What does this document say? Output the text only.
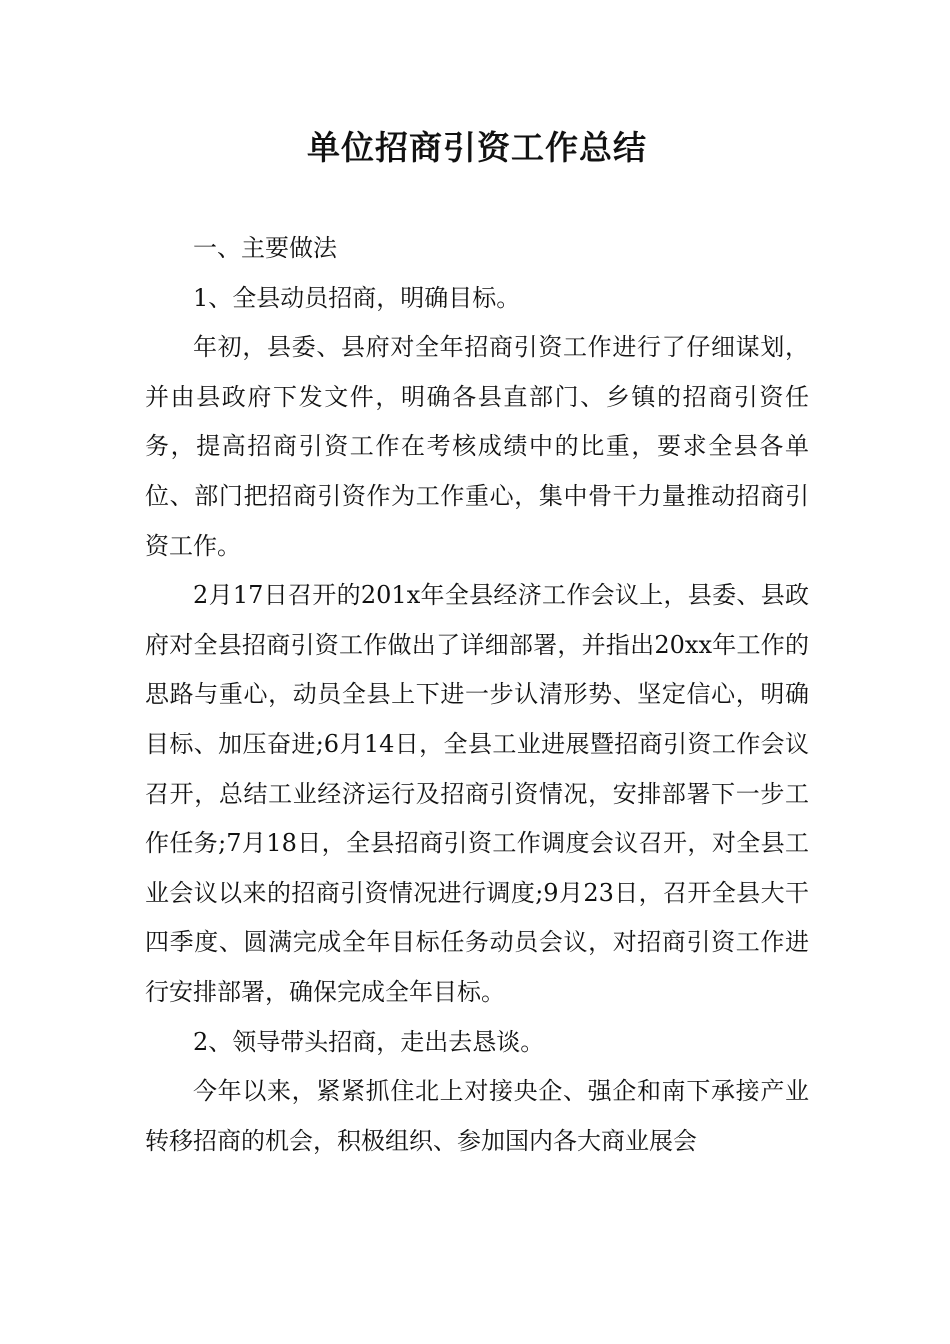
单位招商引资工作总结

一、主要做法

1、全县动员招商，明确目标。

年初，县委、县府对全年招商引资工作进行了仔细谋划，并由县政府下发文件，明确各县直部门、乡镇的招商引资任务，提高招商引资工作在考核成绩中的比重，要求全县各单位、部门把招商引资作为工作重心，集中骨干力量推动招商引资工作。

2月17日召开的201x年全县经济工作会议上，县委、县政府对全县招商引资工作做出了详细部署，并指出20xx年工作的思路与重心，动员全县上下进一步认清形势、坚定信心，明确目标、加压奋进;6月14日，全县工业进展暨招商引资工作会议召开，总结工业经济运行及招商引资情况，安排部署下一步工作任务;7月18日，全县招商引资工作调度会议召开，对全县工业会议以来的招商引资情况进行调度;9月23日，召开全县大干四季度、圆满完成全年目标任务动员会议，对招商引资工作进行安排部署，确保完成全年目标。

2、领导带头招商，走出去恳谈。

今年以来，紧紧抓住北上对接央企、强企和南下承接产业转移招商的机会，积极组织、参加国内各大商业展会
